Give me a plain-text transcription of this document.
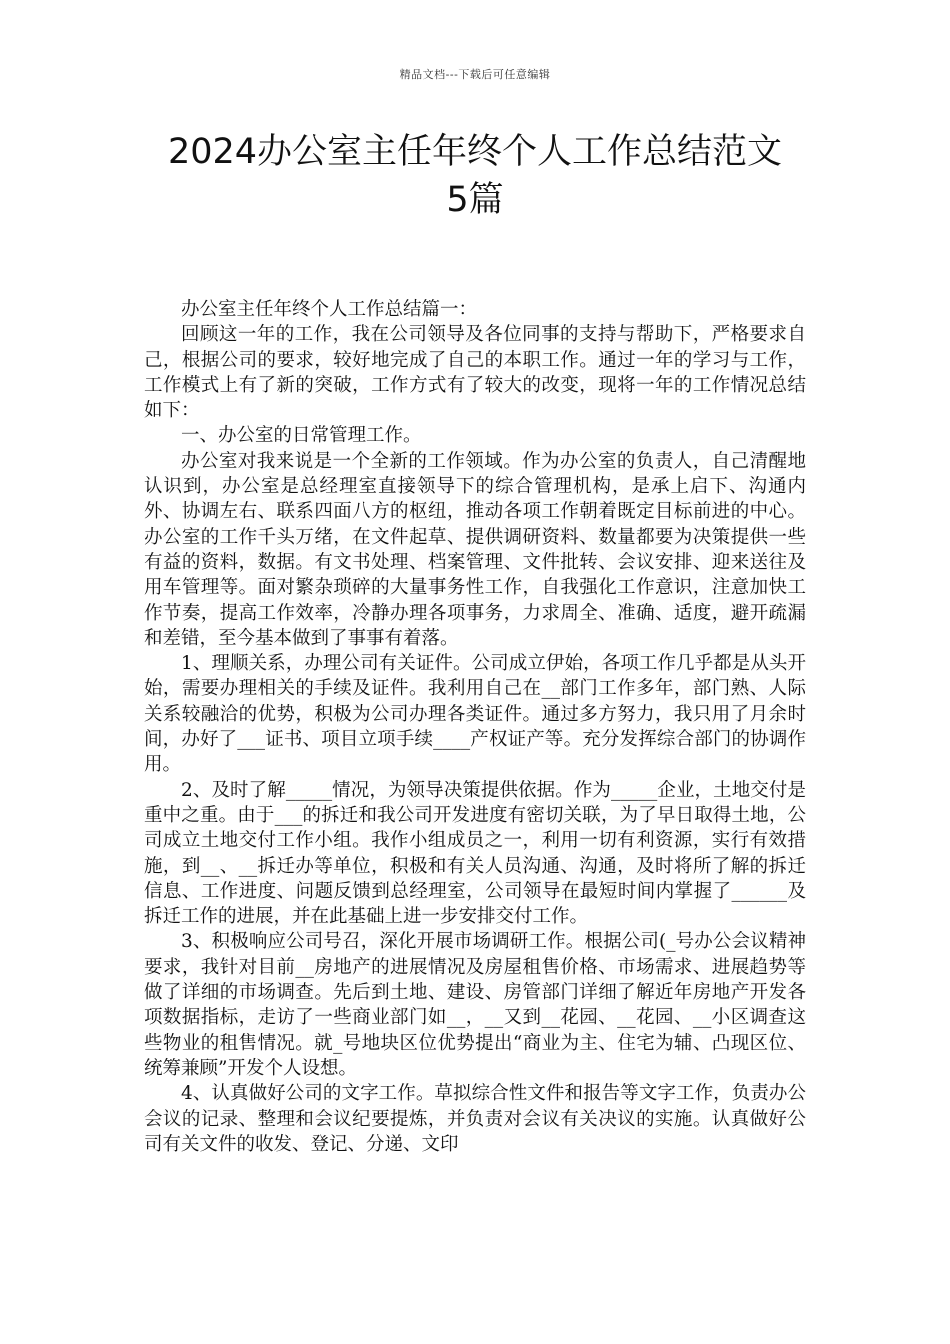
精品文档---下载后可任意编辑
2024办公室主任年终个人工作总结范文
5篇

办公室主任年终个人工作总结篇一：

回顾这一年的工作，我在公司领导及各位同事的支持与帮助下，严格要求自己，根据公司的要求，较好地完成了自己的本职工作。通过一年的学习与工作，工作模式上有了新的突破，工作方式有了较大的改变，现将一年的工作情况总结如下：

一、办公室的日常管理工作。

办公室对我来说是一个全新的工作领域。作为办公室的负责人，自己清醒地认识到，办公室是总经理室直接领导下的综合管理机构，是承上启下、沟通内外、协调左右、联系四面八方的枢纽，推动各项工作朝着既定目标前进的中心。办公室的工作千头万绪，在文件起草、提供调研资料、数量都要为决策提供一些有益的资料，数据。有文书处理、档案管理、文件批转、会议安排、迎来送往及用车管理等。面对繁杂琐碎的大量事务性工作，自我强化工作意识，注意加快工作节奏，提高工作效率，冷静办理各项事务，力求周全、准确、适度，避开疏漏和差错，至今基本做到了事事有着落。

1、理顺关系，办理公司有关证件。公司成立伊始，各项工作几乎都是从头开始，需要办理相关的手续及证件。我利用自己在__部门工作多年，部门熟、人际关系较融洽的优势，积极为公司办理各类证件。通过多方努力，我只用了月余时间，办好了___证书、项目立项手续____产权证产等。充分发挥综合部门的协调作用。

2、及时了解_____情况，为领导决策提供依据。作为_____企业，土地交付是重中之重。由于___的拆迁和我公司开发进度有密切关联，为了早日取得土地，公司成立土地交付工作小组。我作小组成员之一，利用一切有利资源，实行有效措施，到__、__拆迁办等单位，积极和有关人员沟通、沟通，及时将所了解的拆迁信息、工作进度、问题反馈到总经理室，公司领导在最短时间内掌握了______及拆迁工作的进展，并在此基础上进一步安排交付工作。

3、积极响应公司号召，深化开展市场调研工作。根据公司(_号办公会议精神要求，我针对目前__房地产的进展情况及房屋租售价格、市场需求、进展趋势等做了详细的市场调查。先后到土地、建设、房管部门详细了解近年房地产开发各项数据指标，走访了一些商业部门如__，__又到__花园、__花园、__小区调查这些物业的租售情况。就_号地块区位优势提出“商业为主、住宅为辅、凸现区位、统筹兼顾”开发个人设想。

4、认真做好公司的文字工作。草拟综合性文件和报告等文字工作，负责办公会议的记录、整理和会议纪要提炼，并负责对会议有关决议的实施。认真做好公司有关文件的收发、登记、分递、文印
